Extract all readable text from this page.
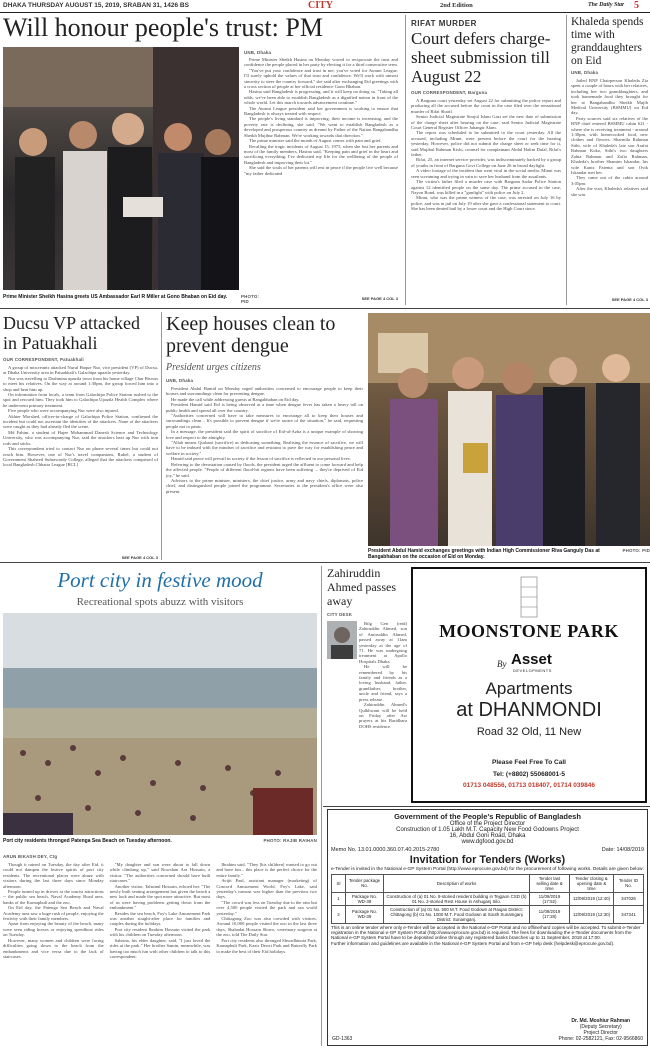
DHAKA THURSDAY AUGUST 15, 2019, SRABAN 31, 1426 BS	CITY	2nd Edition	The Daily Star 5
Will honour people's trust: PM
Prime Minister Sheikh Hasina greets US Ambassador Earl R Miller at Gono Bhaban on Eid day.	PHOTO: PID
UNB, Dhaka

Prime Minister Sheikh Hasina on Monday vowed to reciprocate the trust and confidence the people placed in her party by electing it for a third consecutive term.

"You've put your confidence and trust in me; you've voted for Awami League. I'll surely uphold the values of that trust and confidence. We'll work with utmost sincerity to steer the country forward," she said after exchanging Eid greetings with a cross section of people at her official residence Gono Bhaban.

Hasina said Bangladesh is progressing, and it will keep on doing so. "Taking all odds, we've been able to establish Bangladesh as a dignified nation in front of the whole world. Let this march towards advancement continue."

The Awami League president said her government is working to ensure that Bangladesh is always treated with respect.

The people's living standard is improving, their income is increasing, and the poverty rate is declining, she said. "We want to establish Bangladesh as a developed and prosperous country as dreamt by Father of the Nation Bangabandhu Sheikh Mujibur Rahman. We're working towards that direction."

The prime minister said the month of August comes with pain and grief.

Recalling the tragic incidents of August 15, 1975, when she lost her parents and most of the family members, Hasina said, "Keeping pain and grief in the heart and sacrificing everything, I've dedicated my life for the wellbeing of the people of Bangladesh and improving their lot."

She said the souls of her parents will rest in peace if the people live well because "my father dedicated

SEE PAGE 4 COL 3
RIFAT MURDER
Court defers charge-sheet submission till August 22
OUR CORRESPONDENT, Barguna

A Barguna court yesterday set August 22 for submitting the police report and producing all the accused before the court in the case filed over the sensational murder of Rifat Sharif.

Senior Judicial Magistrate Sirajul Islam Gazi set the new date of submission of the charge sheet after hearing on the case, said Senior Judicial Magistrate Court General Register Officer Jahangir Alam.

The report was scheduled to be submitted to the court yesterday. All the accused, including Minni, were present before the court for the hearing yesterday. However, police did not submit the charge sheet or seek time for it, said Mujibul Rahman Kislu, counsel for complainant Abdul Halim Dulal, Rifat's father.

Rifat, 25, an internet service provider, was indiscriminately hacked by a group of youths in front of Barguna Govt College on June 26 in broad daylight.

A video footage of the incident that went viral in the social media, Minni was seen screaming and trying in vain to save her husband from the assailants.

The victim's father filed a murder case with Barguna Sadar Police Station against 12 identified people on the same day. The prime accused in the case, Nayon Bond, was killed in a "gunfight" with police on July 2.

Minni, who was the prime witness of the case, was arrested on July 16 by police, and was in jail on July 19 after she gave a confessional statement to court. She has been denied bail by a lower court and the High Court since.

Khaleda spends time with granddaughters on Eid
UNB, Dhaka

Jailed BNP Chairperson Khaleda Zia spent a couple of hours with her relatives, including her two granddaughters, and took homemade food they brought for her at Bangabandhu Sheikh Mujib Medical University (BSMMU) on Eid day.

Party sources said six relatives of the BNP chief entered BSMMU cabin 621 - where she is receiving treatment - around 1:30pm, with homecooked food, new clothes and flowers. Sharmila Rahman Sithi, wife of Khaleda's late son Arafat Rahman Koko, Sithi's two daughters Zahia Rahman and Zafia Rahman, Khaleda's brother Shamim Iskandar, his wife Kaniz Fatema and son Ovik Iskandar met her.

They came out of the cabin around 3:05pm.

After the visit, Khaleda's relatives said she was

SEE PAGE 4 COL 3
Ducsu VP attacked in Patuakhali
OUR CORRESPONDENT, Patuakhali

A group of miscreants attacked Nurul Haque Nur, vice president (VP) of Ducsu, at Dhaka University area in Patuakhali's Galachipa upazila yesterday.

Nur was travelling to Dashmina upazila town from his home village Char Biswas to meet his relatives. On the way at around 1:30pm, the group forced him into a shop and beat him up.

On information from locals, a team from Galachipa Police Station rushed to the spot and rescued him. They took him to Galachipa Upazila Health Complex where he underwent primary treatment.

Five people who were accompanying Nur were also injured.

Akhter Morshed, officer-in-charge of Galachipa Police Station, confirmed the incident but could not ascertain the identities of the attackers. None of the attackers were caught as they had already fled the scene.

Md Fahim, a student of Hajee Mohammad Danesh Science and Technology University, who was accompanying Nur, said the attackers beat up Nur with iron rods and sticks.

This correspondent tried to contact Nur on phone several times but could not reach him. However, one of Nur's travel companions, Rubel, a student of Government Shaheed Suhrawardy College, alleged that the attackers comprised of local Bangladesh Chhatra League [BCL]

SEE PAGE 4 COL 3
Keep houses clean to prevent dengue
President urges citizens
UNB, Dhaka

President Abdul Hamid on Monday urged authorities concerned to encourage people to keep their houses and surroundings clean for preventing dengue.

He made the call while addressing guests at Bangabhaban on Eid day.

President Hamid said Eid is being observed at a time when dengue fever has taken a heavy toll on public health and spread all over the country.

"Authorities concerned will have to take measures to encourage all to keep their houses and surroundings clean... It's possible to prevent dengue if we're aware of the situation," he said, requesting people not to panic.

In a message, the president said the spirit of sacrifice of Eid-ul-Azha is a unique example of showing love and respect to the almighty.

"Allah means Qurbani (sacrifice) as dedicating something. Realising the essence of sacrifice, we will have to be imbued with the mindset of sacrifice and restraint to pave the way for establishing peace and welfare in society."

Hamid said peace will prevail in society if the lesson of sacrifice is reflected in our personal lives.

Referring to the devastation caused by floods, the president urged the affluent to come forward and help the affected people. "People of different flood-hit regions have been suffering ... they're deprived of Eid joy," he said.

Advisors to the prime minister, ministers, the chief justice, army and navy chiefs, diplomats, police chief, and distinguished people joined the programme. Secretaries to the president's office were also present.

President Abdul Hamid exchanges greetings with Indian High Commissioner Riva Ganguly Das at Bangabhaban on the occasion of Eid on Monday.
PHOTO: PID
Port city in festive mood
Recreational spots abuzz with visitors
Port city residents thronged Patenga Sea Beach on Tuesday afternoon.	PHOTO: RAJIB RAIHAN
ARUN BIKASH DEY, Ctg

Though it rained on Tuesday, the day after Eid, it could not dampen the festive spirits of port city residents. The recreational places were abuzz with visitors during the last three days since Monday afternoon.

People turned up in droves at the tourist attractions -- the public sea beach, Naval Academy Road area, banks of the Karnaphuli and the zoo.

On Eid day, the Patenga Sea Beach and Naval Academy area saw a huge rush of people, enjoying the festivity with their family members.

Apart from enjoying the beauty of the beach, many were seen riding horses or enjoying speedboat rides on Tuesday.

However, many women and children were facing difficulties going down to the beach from the embankments and vice versa due to the lack of staircases.

"My daughter and son were about to fall down while climbing up," said Rowshan Ara Hossain, a visitor. "The authorities concerned should have built staircases."

Another visitor, Tahsinul Hossain, echoed her. "The newly built seating arrangement has given the beach a new look and made the spot more attractive. But most of us were having problems getting down from the embankment."

Besides the sea beach, Foy's Lake Amusement Park was another sought-after place for families and couples during the holidays.

Port city resident Ibrahim Hossain visited the park with his children on Tuesday afternoon.

Sabrina, his elder daughter, said, "I just loved the rides at the park." Her brother Samin, meanwhile, was having too much fun with other children to talk to this correspondent.

Ibrahim said, "They [his children] wanted to go out and have fun... this place is the perfect choice for the entire family."

Avijit Paul, assistant manager (marketing) of Concord Amusement World, Foy's Lake, said yesterday's turnout was higher than the previous two days.

"The crowd was less on Tuesday due to the rain but over 4,500 people visited the park and sea world yesterday."

Chittagong Zoo was also crowded with visitors. Around 10,000 people visited the zoo in the last three days, Shahadat Hossain Shuvo, veterinary surgeon at the zoo, told The Daily Star.

Port city residents also thronged Shwadhinota Park, Karnaphuli Park, Kazir Dewri Park and Butterfly Park to make the best of their Eid holidays.

Zahiruddin Ahmed passes away
CITY DESK

Bilg Gen (retd) Zahiruddin Ahmed, son of Amiruddin Ahmed, passed away at 11am yesterday at the age of 71. He was undergoing treatment at Apollo Hospitals Dhaka.

He will be remembered by his family and friends as a loving husband, father, grandfather, brother, uncle and friend, says a press release.

Zahiruddin Ahmed's Qulkhwani will be held on Friday after Asr prayers at his Baridhara DOHS residence.

MOONSTONE PARK
By Asset
DEVELOPMENTS
Apartments
at DHANMONDI
Road 32 Old, 11 New
Please Feel Free To Call
Tel: (+8802) 55068001-5
01713 048556, 01713 018407, 01714 039846
Government of the People's Republic of Bangladesh
Office of the Project Director
Construction of 1.05 Lakh M.T. Capacity New Food Godowns Project
16, Abdul Goni Road, Dhaka
www.dgfood.gov.bd
Memo No. 13.01.0000.360.07.40.2015-2780	Date: 14/08/2019
Invitation for Tenders (Works)
e-Tender is invited in the National e-GP System Portal (http://www.eprocure.gov.bd) for the procurement of following works. Details are given below:
Sl	Tender package No.	Description of works	Tender last selling date & time	Tender closing & opening date & time	Tender ID No.
1	Package No. WD-38	Construction of (a) 01 No. 8-storied resident building in Tejgaon CSD (b) 01 No. 2-storied Rest House in Ashuganj Silo.	11/09/2019 (17:52)	12/09/2019 (12:40)	347026
2	Package No. WD-39	Construction of (a) 01 No. 500 M.T. Food Godown at Raujan District: Chittagong (b) 01 No. 1000 M.T. Food Godown at South Sunamganj District: Sunamganj.	11/09/2019 (17:28)	12/09/2019 (12:30)	347341
This is an online tender where only e-Tender will be accepted in the National e-GP Portal and no offline/hard copies will be accepted. To submit e-Tender registration in the National e-GP System Portal (http://www.eprocure.gov.bd) is required. The fees for downloading the e-Tender documents from the National e-GP System Portal have to be deposited online through any registered banks branches up to 11 September, 2019 at 17:00.
Further information and guidelines are available in the National e-GP System Portal and from e-GP help desk (helpdesk@eprocure.gov.bd).
Dr. Md. Moshiur Rahman
(Deputy Secretary)
Project Director
Phone: 02-2582121, Fax: 02-9566860
GD-1363
